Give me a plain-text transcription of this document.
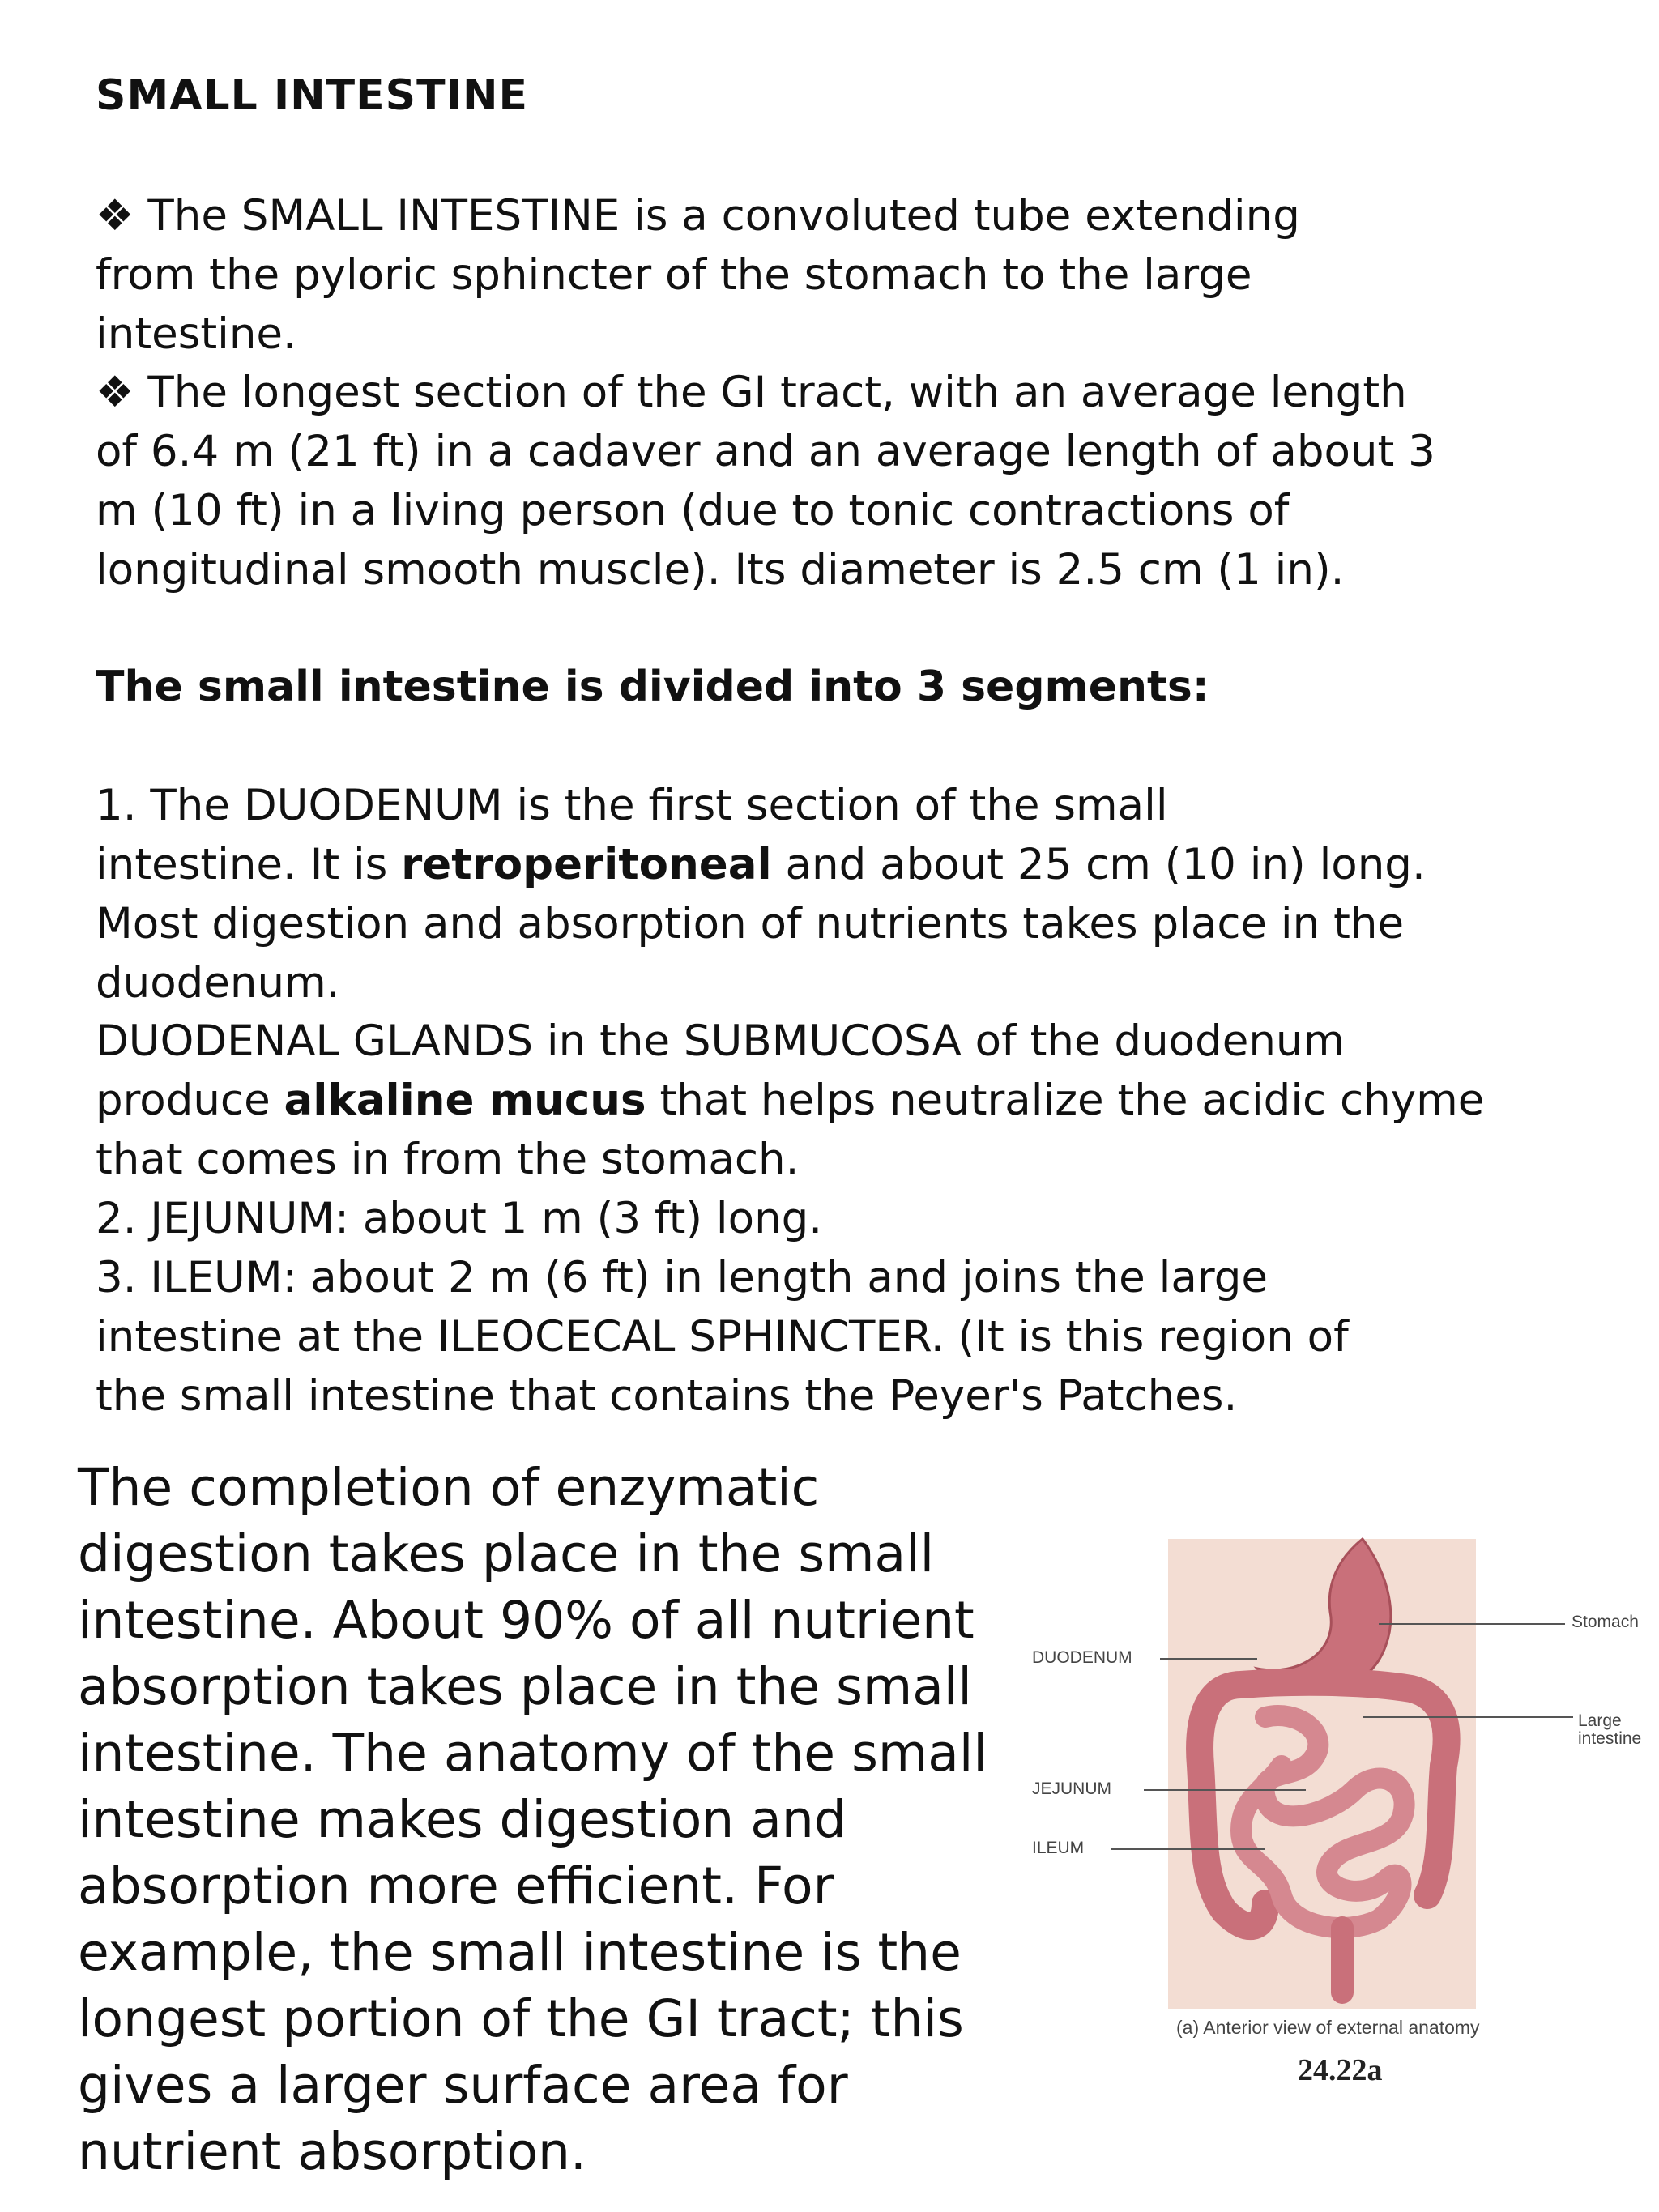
SMALL INTESTINE

❖ The SMALL INTESTINE is a convoluted tube extending
from the pyloric sphincter of the stomach to the large
intestine.

❖ The longest section of the GI tract, with an average length
of 6.4 m (21 ft) in a cadaver and an average length of about 3
m (10 ft) in a living person (due to tonic contractions of
longitudinal smooth muscle). Its diameter is 2.5 cm (1 in).

The small intestine is divided into 3 segments:

1. The DUODENUM is the first section of the small
intestine. It is retroperitoneal and about 25 cm (10 in) long.
Most digestion and absorption of nutrients takes place in the
duodenum.

DUODENAL GLANDS in the SUBMUCOSA of the duodenum
produce alkaline mucus that helps neutralize the acidic chyme
that comes in from the stomach.

2. JEJUNUM: about 1 m (3 ft) long.

3. ILEUM: about 2 m (6 ft) in length and joins the large
intestine at the ILEOCECAL SPHINCTER. (It is this region of
the small intestine that contains the Peyer's Patches.

The completion of enzymatic
digestion takes place in the small
intestine. About 90% of all nutrient
absorption takes place in the small
intestine. The anatomy of the small
intestine makes digestion and
absorption more efficient. For
example, the small intestine is the
longest portion of the GI tract; this
gives a larger surface area for
nutrient absorption.

DUODENUM
JEJUNUM
ILEUM
Stomach
Large
intestine
(a) Anterior view of external anatomy
24.22a
